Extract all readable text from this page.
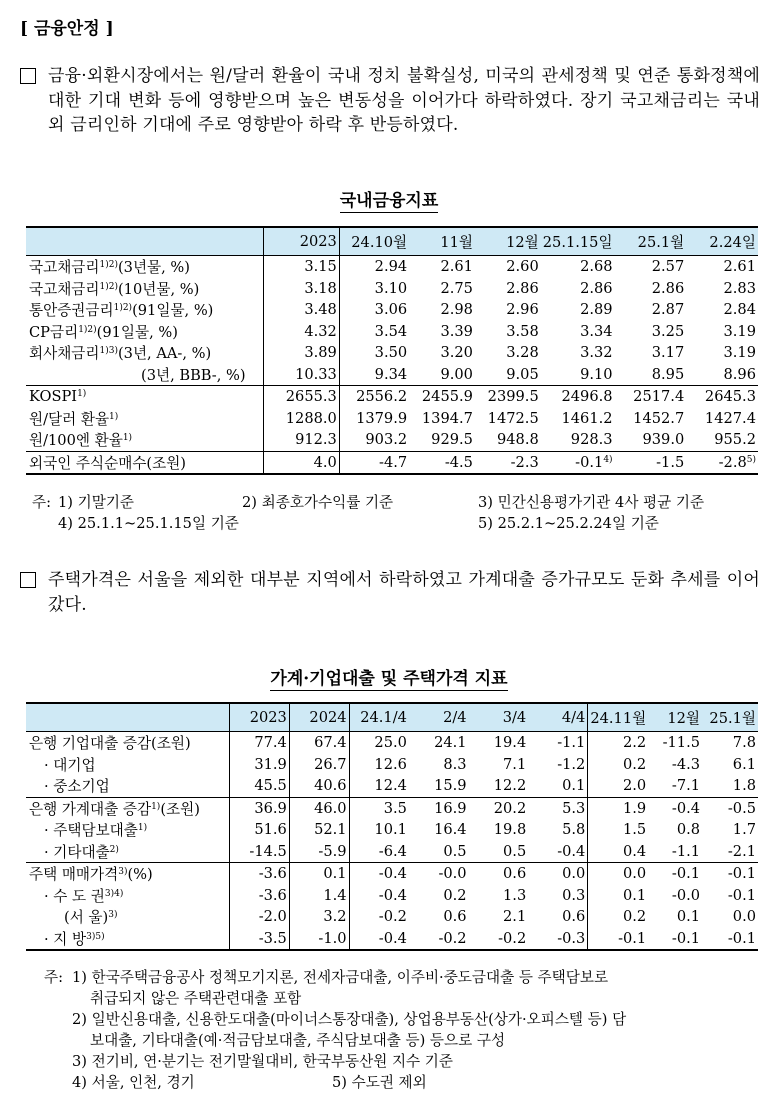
[ 금융안정 ]
금융·외환시장에서는 원/달러 환율이 국내 정치 불확실성, 미국의 관세정책 및 연준 통화정책에 대한 기대 변화 등에 영향받으며 높은 변동성을 이어가다 하락하였다. 장기 국고채금리는 국내외 금리인하 기대에 주로 영향받아 하락 후 반등하였다.
국내금융지표
	2023	24.10월	11월	12월	25.1.15일	25.1월	2.24일
국고채금리$^{1)2)}$(3년물, %)	3.15	2.94	2.61	2.60	2.68	2.57	2.61
국고채금리$^{1)2)}$(10년물, %)	3.18	3.10	2.75	2.86	2.86	2.86	2.83
통안증권금리$^{1)2)}$(91일물, %)	3.48	3.06	2.98	2.96	2.89	2.87	2.84
CP금리$^{1)2)}$(91일물, %)	4.32	3.54	3.39	3.58	3.34	3.25	3.19
회사채금리$^{1)3)}$(3년, AA-, %)	3.89	3.50	3.20	3.28	3.32	3.17	3.19
(3년, BBB-, %)	10.33	9.34	9.00	9.05	9.10	8.95	8.96
KOSPI$^{1)}$	2655.3	2556.2	2455.9	2399.5	2496.8	2517.4	2645.3
원/달러 환율$^{1)}$	1288.0	1379.9	1394.7	1472.5	1461.2	1452.7	1427.4
원/100엔 환율$^{1)}$	912.3	903.2	929.5	948.8	928.3	939.0	955.2
외국인 주식순매수(조원)	4.0	-4.7	-4.5	-2.3	-0.1$^{4)}$	-1.5	-2.8$^{5)}$
주: 1) 기말기준	2) 최종호가수익률 기준	3) 민간신용평가기관 4사 평균 기준
4) 25.1.1~25.1.15일 기준	5) 25.2.1~25.2.24일 기준
주택가격은 서울을 제외한 대부분 지역에서 하락하였고 가계대출 증가규모도 둔화 추세를 이어갔다.
가계·기업대출 및 주택가격 지표
	2023	2024	24.1/4	2/4	3/4	4/4	24.11월	12월	25.1월
은행 기업대출 증감(조원)	77.4	67.4	25.0	24.1	19.4	-1.1	2.2	-11.5	7.8
· 대기업	31.9	26.7	12.6	8.3	7.1	-1.2	0.2	-4.3	6.1
· 중소기업	45.5	40.6	12.4	15.9	12.2	0.1	2.0	-7.1	1.8
은행 가계대출 증감$^{1)}$(조원)	36.9	46.0	3.5	16.9	20.2	5.3	1.9	-0.4	-0.5
· 주택담보대출$^{1)}$	51.6	52.1	10.1	16.4	19.8	5.8	1.5	0.8	1.7
· 기타대출$^{2)}$	-14.5	-5.9	-6.4	0.5	0.5	-0.4	0.4	-1.1	-2.1
주택 매매가격$^{3)}$(%)	-3.6	0.1	-0.4	-0.0	0.6	0.0	0.0	-0.1	-0.1
· 수 도 권$^{3)4)}$	-3.6	1.4	-0.4	0.2	1.3	0.3	0.1	-0.0	-0.1
(서 울)$^{3)}$	-2.0	3.2	-0.2	0.6	2.1	0.6	0.2	0.1	0.0
· 지 방$^{3)5)}$	-3.5	-1.0	-0.4	-0.2	-0.2	-0.3	-0.1	-0.1	-0.1
주: 1) 한국주택금융공사 정책모기지론, 전세자금대출, 이주비·중도금대출 등 주택담보로
취급되지 않은 주택관련대출 포함
2) 일반신용대출, 신용한도대출(마이너스통장대출), 상업용부동산(상가·오피스텔 등) 담
보대출, 기타대출(예·적금담보대출, 주식담보대출 등) 등으로 구성
3) 전기비, 연·분기는 전기말월대비, 한국부동산원 지수 기준
4) 서울, 인천, 경기	5) 수도권 제외
